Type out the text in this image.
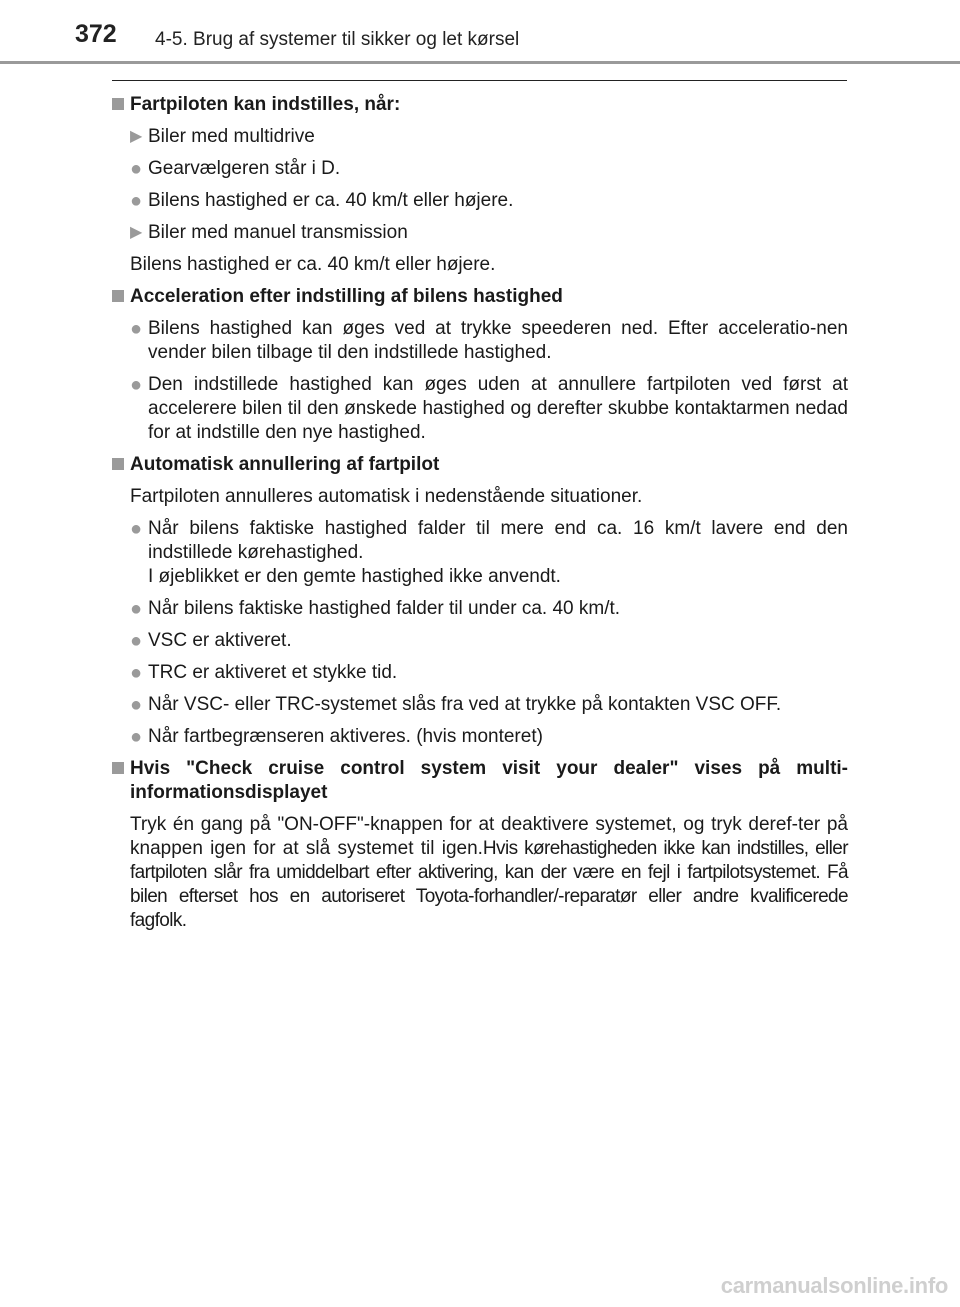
372 4-5. Brug af systemer til sikker og let kørsel
Fartpiloten kan indstilles, når:
▶ Biler med multidrive
● Gearvælgeren står i D.
● Bilens hastighed er ca. 40 km/t eller højere.
▶ Biler med manuel transmission
Bilens hastighed er ca. 40 km/t eller højere.
Acceleration efter indstilling af bilens hastighed
● Bilens hastighed kan øges ved at trykke speederen ned. Efter acceleratio-nen vender bilen tilbage til den indstillede hastighed.
● Den indstillede hastighed kan øges uden at annullere fartpiloten ved først at accelerere bilen til den ønskede hastighed og derefter skubbe kontaktarmen nedad for at indstille den nye hastighed.
Automatisk annullering af fartpilot
Fartpiloten annulleres automatisk i nedenstående situationer.
● Når bilens faktiske hastighed falder til mere end ca. 16 km/t lavere end den indstillede kørehastighed.
I øjeblikket er den gemte hastighed ikke anvendt.
● Når bilens faktiske hastighed falder til under ca. 40 km/t.
● VSC er aktiveret.
● TRC er aktiveret et stykke tid.
● Når VSC- eller TRC-systemet slås fra ved at trykke på kontakten VSC OFF.
● Når fartbegrænseren aktiveres. (hvis monteret)
Hvis "Check cruise control system visit your dealer" vises på multi-informationsdisplayet
Tryk én gang på "ON-OFF"-knappen for at deaktivere systemet, og tryk deref-ter på knappen igen for at slå systemet til igen.Hvis kørehastigheden ikke kan indstilles, eller fartpiloten slår fra umiddelbart efter aktivering, kan der være en fejl i fartpilotsystemet. Få bilen efterset hos en autoriseret Toyota-forhandler/-reparatør eller andre kvalificerede fagfolk.
carmanualsonline.info
